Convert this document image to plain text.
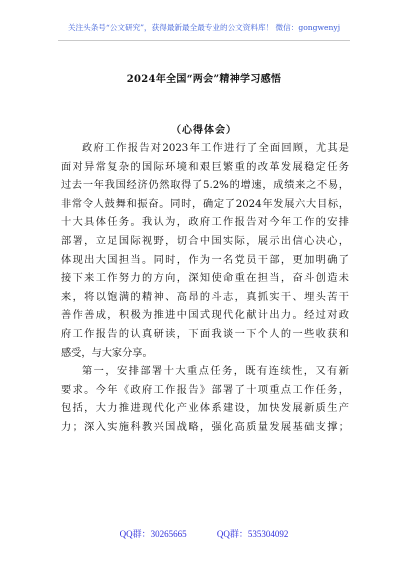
关注头条号“公文研究”，获得最新最全最专业的公文资料库！ 微信：gongwenyj
2024年全国“两会”精神学习感悟
（心得体会）
政府工作报告对2023年工作进行了全面回顾，尤其是
面对异常复杂的国际环境和艰巨繁重的改革发展稳定任务
过去一年我国经济仍然取得了5.2%的增速，成绩来之不易，
非常令人鼓舞和振奋。同时，确定了2024年发展六大目标，
十大具体任务。我认为，政府工作报告对今年工作的安排
部署，立足国际视野，切合中国实际，展示出信心决心，
体现出大国担当。同时，作为一名党员干部，更加明确了
接下来工作努力的方向，深知使命重在担当，奋斗创造未
来，将以饱满的精神、高昂的斗志，真抓实干、埋头苦干
善作善成，积极为推进中国式现代化献计出力。经过对政
府工作报告的认真研读，下面我谈一下个人的一些收获和
感受，与大家分享。
第一，安排部署十大重点任务，既有连续性，又有新
要求。今年《政府工作报告》部署了十项重点工作任务，
包括，大力推进现代化产业体系建设，加快发展新质生产
力；深入实施科教兴国战略，强化高质量发展基础支撑；
QQ群：30265665	QQ群：535304092
